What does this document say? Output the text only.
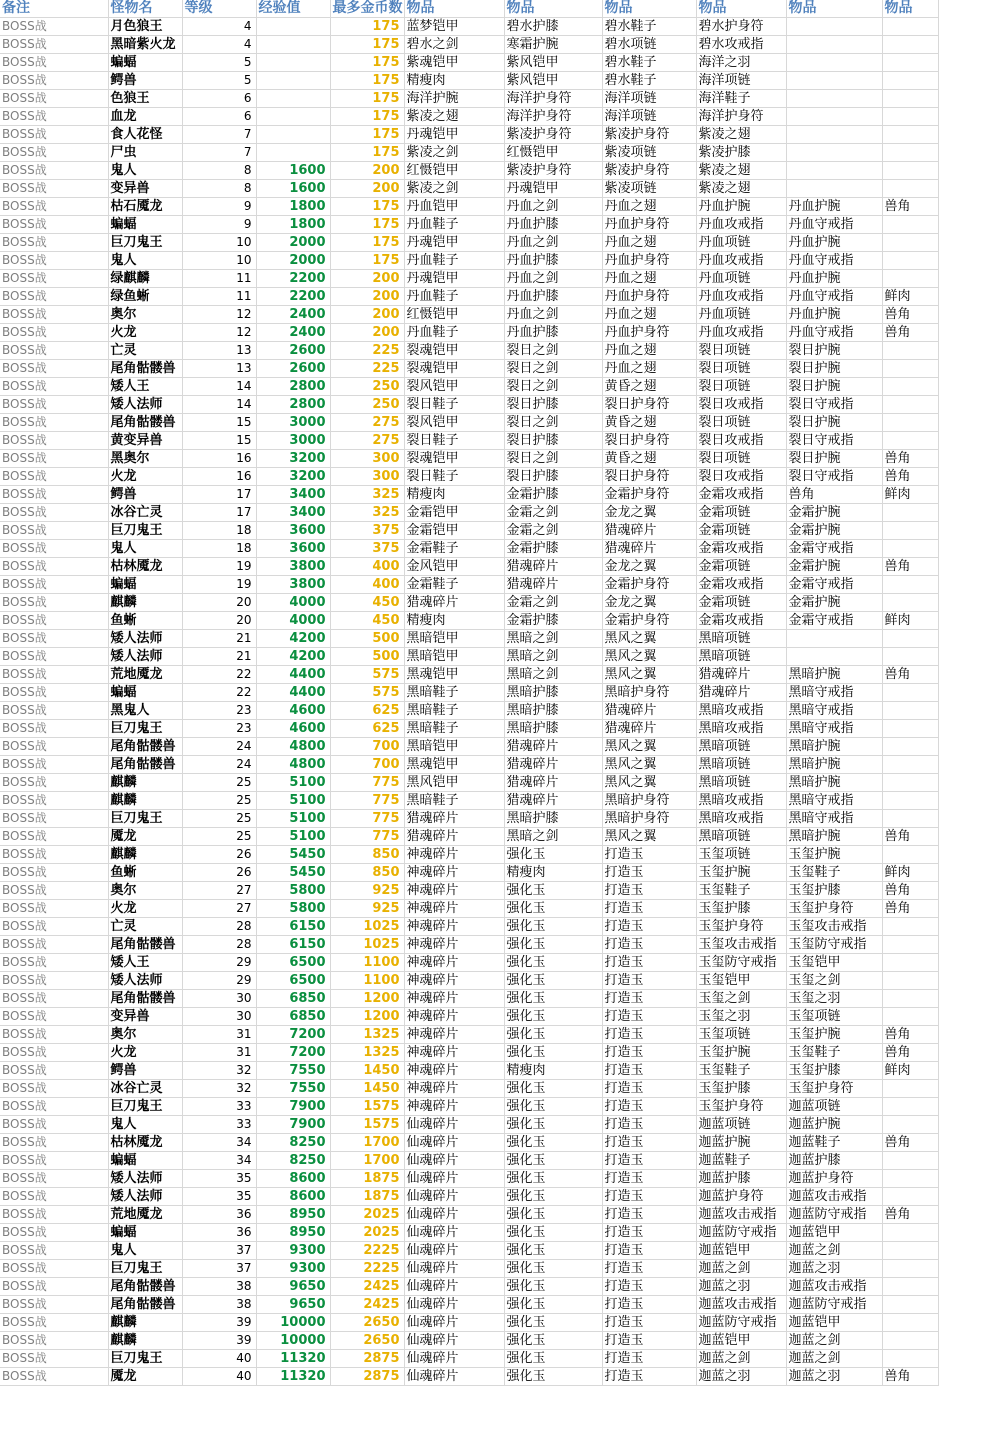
备注	怪物名	等级	经验值	最多金币数	物品	物品	物品	物品	物品	物品
BOSS战	月色狼王	4		175	蓝梦铠甲	碧水护膝	碧水鞋子	碧水护身符		
BOSS战	黑暗紫火龙	4		175	碧水之剑	寒霜护腕	碧水项链	碧水攻戒指		
BOSS战	蝙蝠	5		175	紫魂铠甲	紫风铠甲	碧水鞋子	海洋之羽		
BOSS战	鳄兽	5		175	精瘦肉	紫风铠甲	碧水鞋子	海洋项链		
BOSS战	色狼王	6		175	海洋护腕	海洋护身符	海洋项链	海洋鞋子		
BOSS战	血龙	6		175	紫凌之翅	海洋护身符	海洋项链	海洋护身符		
BOSS战	食人花怪	7		175	丹魂铠甲	紫凌护身符	紫凌护身符	紫凌之翅		
BOSS战	尸虫	7		175	紫凌之剑	红慑铠甲	紫凌项链	紫凌护膝		
BOSS战	鬼人	8	1600	200	红慑铠甲	紫凌护身符	紫凌护身符	紫凌之翅		
BOSS战	变异兽	8	1600	200	紫凌之剑	丹魂铠甲	紫凌项链	紫凌之翅		
BOSS战	枯石魇龙	9	1800	175	丹血铠甲	丹血之剑	丹血之翅	丹血护腕	丹血护腕	兽角
BOSS战	蝙蝠	9	1800	175	丹血鞋子	丹血护膝	丹血护身符	丹血攻戒指	丹血守戒指	
BOSS战	巨刀鬼王	10	2000	175	丹魂铠甲	丹血之剑	丹血之翅	丹血项链	丹血护腕	
BOSS战	鬼人	10	2000	175	丹血鞋子	丹血护膝	丹血护身符	丹血攻戒指	丹血守戒指	
BOSS战	绿麒麟	11	2200	200	丹魂铠甲	丹血之剑	丹血之翅	丹血项链	丹血护腕	
BOSS战	绿鱼蜥	11	2200	200	丹血鞋子	丹血护膝	丹血护身符	丹血攻戒指	丹血守戒指	鲜肉
BOSS战	奥尔	12	2400	200	红慑铠甲	丹血之剑	丹血之翅	丹血项链	丹血护腕	兽角
BOSS战	火龙	12	2400	200	丹血鞋子	丹血护膝	丹血护身符	丹血攻戒指	丹血守戒指	兽角
BOSS战	亡灵	13	2600	225	裂魂铠甲	裂日之剑	丹血之翅	裂日项链	裂日护腕	
BOSS战	尾角骷髅兽	13	2600	225	裂魂铠甲	裂日之剑	丹血之翅	裂日项链	裂日护腕	
BOSS战	矮人王	14	2800	250	裂风铠甲	裂日之剑	黄昏之翅	裂日项链	裂日护腕	
BOSS战	矮人法师	14	2800	250	裂日鞋子	裂日护膝	裂日护身符	裂日攻戒指	裂日守戒指	
BOSS战	尾角骷髅兽	15	3000	275	裂风铠甲	裂日之剑	黄昏之翅	裂日项链	裂日护腕	
BOSS战	黄变异兽	15	3000	275	裂日鞋子	裂日护膝	裂日护身符	裂日攻戒指	裂日守戒指	
BOSS战	黑奥尔	16	3200	300	裂魂铠甲	裂日之剑	黄昏之翅	裂日项链	裂日护腕	兽角
BOSS战	火龙	16	3200	300	裂日鞋子	裂日护膝	裂日护身符	裂日攻戒指	裂日守戒指	兽角
BOSS战	鳄兽	17	3400	325	精瘦肉	金霜护膝	金霜护身符	金霜攻戒指	兽角	鲜肉
BOSS战	冰谷亡灵	17	3400	325	金霜铠甲	金霜之剑	金龙之翼	金霜项链	金霜护腕	
BOSS战	巨刀鬼王	18	3600	375	金霜铠甲	金霜之剑	猎魂碎片	金霜项链	金霜护腕	
BOSS战	鬼人	18	3600	375	金霜鞋子	金霜护膝	猎魂碎片	金霜攻戒指	金霜守戒指	
BOSS战	枯林魇龙	19	3800	400	金风铠甲	猎魂碎片	金龙之翼	金霜项链	金霜护腕	兽角
BOSS战	蝙蝠	19	3800	400	金霜鞋子	猎魂碎片	金霜护身符	金霜攻戒指	金霜守戒指	
BOSS战	麒麟	20	4000	450	猎魂碎片	金霜之剑	金龙之翼	金霜项链	金霜护腕	
BOSS战	鱼蜥	20	4000	450	精瘦肉	金霜护膝	金霜护身符	金霜攻戒指	金霜守戒指	鲜肉
BOSS战	矮人法师	21	4200	500	黑暗铠甲	黑暗之剑	黑风之翼	黑暗项链		
BOSS战	矮人法师	21	4200	500	黑暗铠甲	黑暗之剑	黑风之翼	黑暗项链		
BOSS战	荒地魇龙	22	4400	575	黑魂铠甲	黑暗之剑	黑风之翼	猎魂碎片	黑暗护腕	兽角
BOSS战	蝙蝠	22	4400	575	黑暗鞋子	黑暗护膝	黑暗护身符	猎魂碎片	黑暗守戒指	
BOSS战	黑鬼人	23	4600	625	黑暗鞋子	黑暗护膝	猎魂碎片	黑暗攻戒指	黑暗守戒指	
BOSS战	巨刀鬼王	23	4600	625	黑暗鞋子	黑暗护膝	猎魂碎片	黑暗攻戒指	黑暗守戒指	
BOSS战	尾角骷髅兽	24	4800	700	黑暗铠甲	猎魂碎片	黑风之翼	黑暗项链	黑暗护腕	
BOSS战	尾角骷髅兽	24	4800	700	黑魂铠甲	猎魂碎片	黑风之翼	黑暗项链	黑暗护腕	
BOSS战	麒麟	25	5100	775	黑风铠甲	猎魂碎片	黑风之翼	黑暗项链	黑暗护腕	
BOSS战	麒麟	25	5100	775	黑暗鞋子	猎魂碎片	黑暗护身符	黑暗攻戒指	黑暗守戒指	
BOSS战	巨刀鬼王	25	5100	775	猎魂碎片	黑暗护膝	黑暗护身符	黑暗攻戒指	黑暗守戒指	
BOSS战	魇龙	25	5100	775	猎魂碎片	黑暗之剑	黑风之翼	黑暗项链	黑暗护腕	兽角
BOSS战	麒麟	26	5450	850	神魂碎片	强化玉	打造玉	玉玺项链	玉玺护腕	
BOSS战	鱼蜥	26	5450	850	神魂碎片	精瘦肉	打造玉	玉玺护腕	玉玺鞋子	鲜肉
BOSS战	奥尔	27	5800	925	神魂碎片	强化玉	打造玉	玉玺鞋子	玉玺护膝	兽角
BOSS战	火龙	27	5800	925	神魂碎片	强化玉	打造玉	玉玺护膝	玉玺护身符	兽角
BOSS战	亡灵	28	6150	1025	神魂碎片	强化玉	打造玉	玉玺护身符	玉玺攻击戒指	
BOSS战	尾角骷髅兽	28	6150	1025	神魂碎片	强化玉	打造玉	玉玺攻击戒指	玉玺防守戒指	
BOSS战	矮人王	29	6500	1100	神魂碎片	强化玉	打造玉	玉玺防守戒指	玉玺铠甲	
BOSS战	矮人法师	29	6500	1100	神魂碎片	强化玉	打造玉	玉玺铠甲	玉玺之剑	
BOSS战	尾角骷髅兽	30	6850	1200	神魂碎片	强化玉	打造玉	玉玺之剑	玉玺之羽	
BOSS战	变异兽	30	6850	1200	神魂碎片	强化玉	打造玉	玉玺之羽	玉玺项链	
BOSS战	奥尔	31	7200	1325	神魂碎片	强化玉	打造玉	玉玺项链	玉玺护腕	兽角
BOSS战	火龙	31	7200	1325	神魂碎片	强化玉	打造玉	玉玺护腕	玉玺鞋子	兽角
BOSS战	鳄兽	32	7550	1450	神魂碎片	精瘦肉	打造玉	玉玺鞋子	玉玺护膝	鲜肉
BOSS战	冰谷亡灵	32	7550	1450	神魂碎片	强化玉	打造玉	玉玺护膝	玉玺护身符	
BOSS战	巨刀鬼王	33	7900	1575	神魂碎片	强化玉	打造玉	玉玺护身符	迦蓝项链	
BOSS战	鬼人	33	7900	1575	仙魂碎片	强化玉	打造玉	迦蓝项链	迦蓝护腕	
BOSS战	枯林魇龙	34	8250	1700	仙魂碎片	强化玉	打造玉	迦蓝护腕	迦蓝鞋子	兽角
BOSS战	蝙蝠	34	8250	1700	仙魂碎片	强化玉	打造玉	迦蓝鞋子	迦蓝护膝	
BOSS战	矮人法师	35	8600	1875	仙魂碎片	强化玉	打造玉	迦蓝护膝	迦蓝护身符	
BOSS战	矮人法师	35	8600	1875	仙魂碎片	强化玉	打造玉	迦蓝护身符	迦蓝攻击戒指	
BOSS战	荒地魇龙	36	8950	2025	仙魂碎片	强化玉	打造玉	迦蓝攻击戒指	迦蓝防守戒指	兽角
BOSS战	蝙蝠	36	8950	2025	仙魂碎片	强化玉	打造玉	迦蓝防守戒指	迦蓝铠甲	
BOSS战	鬼人	37	9300	2225	仙魂碎片	强化玉	打造玉	迦蓝铠甲	迦蓝之剑	
BOSS战	巨刀鬼王	37	9300	2225	仙魂碎片	强化玉	打造玉	迦蓝之剑	迦蓝之羽	
BOSS战	尾角骷髅兽	38	9650	2425	仙魂碎片	强化玉	打造玉	迦蓝之羽	迦蓝攻击戒指	
BOSS战	尾角骷髅兽	38	9650	2425	仙魂碎片	强化玉	打造玉	迦蓝攻击戒指	迦蓝防守戒指	
BOSS战	麒麟	39	10000	2650	仙魂碎片	强化玉	打造玉	迦蓝防守戒指	迦蓝铠甲	
BOSS战	麒麟	39	10000	2650	仙魂碎片	强化玉	打造玉	迦蓝铠甲	迦蓝之剑	
BOSS战	巨刀鬼王	40	11320	2875	仙魂碎片	强化玉	打造玉	迦蓝之剑	迦蓝之剑	
BOSS战	魇龙	40	11320	2875	仙魂碎片	强化玉	打造玉	迦蓝之羽	迦蓝之羽	兽角
